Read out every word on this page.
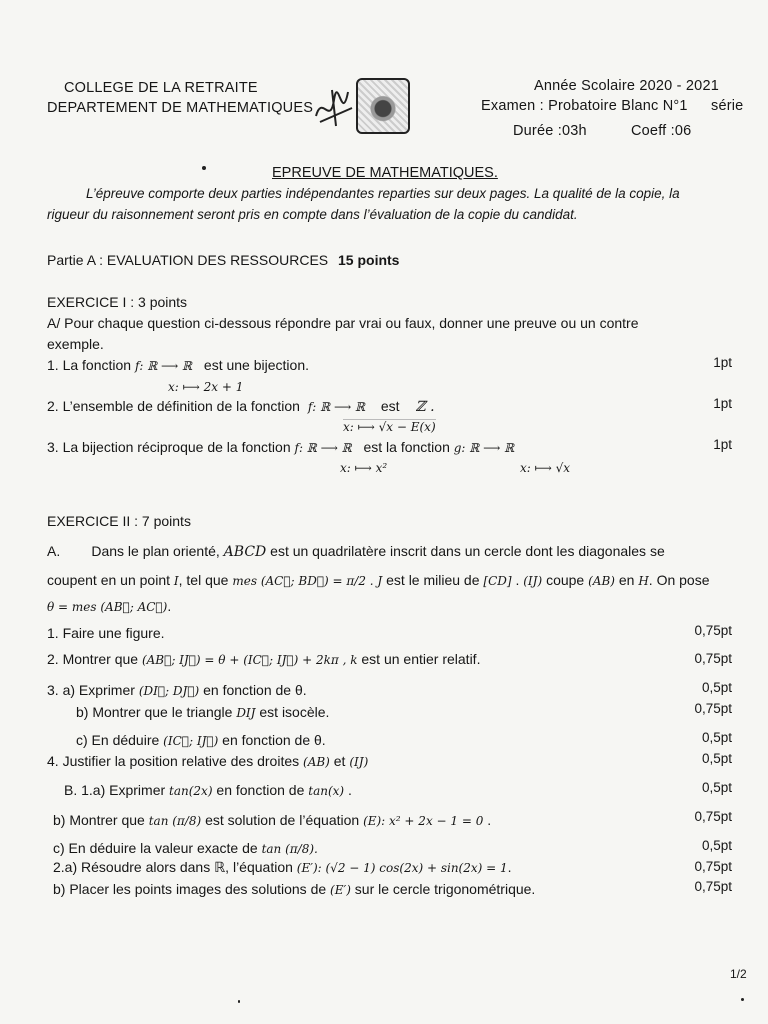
COLLEGE DE LA RETRAITE
DEPARTEMENT DE MATHEMATIQUES
Année Scolaire 2020 - 2021
Examen : Probatoire Blanc N°1 série
Durée :03h	Coeff :06
EPREUVE DE MATHEMATIQUES.
L’épreuve comporte deux parties indépendantes reparties sur deux pages. La qualité de la copie, la
rigueur du raisonnement seront pris en compte dans l’évaluation de la copie du candidat.
Partie A : EVALUATION DES RESSOURCES 15 points
EXERCICE I : 3 points
A/ Pour chaque question ci-dessous répondre par vrai ou faux, donner une preuve ou un contre
exemple.
1. La fonction f: ℝ ⟶ ℝ est une bijection.
x: ⟼ 2x + 1
1pt
2. L’ensemble de définition de la fonction f: ℝ ⟶ ℝ est ℤ .
x: ⟼ √x − E(x)
1pt
3. La bijection réciproque de la fonction f: ℝ ⟶ ℝ est la fonction g: ℝ ⟶ ℝ
x: ⟼ x²	x: ⟼ √x
1pt
EXERCICE II : 7 points
A.        Dans le plan orienté, ABCD est un quadrilatère inscrit dans un cercle dont les diagonales se
coupent en un point I, tel que mes (AC⃗; BD⃗) = π/2 . J est le milieu de [CD] . (IJ) coupe (AB) en H. On pose
θ = mes (AB⃗; AC⃗).
1. Faire une figure.	0,75pt
2. Montrer que (AB⃗; IJ⃗) = θ + (IC⃗; IJ⃗) + 2kπ , k est un entier relatif.	0,75pt
3. a) Exprimer (DI⃗; DJ⃗) en fonction de θ.	0,5pt
b) Montrer que le triangle DIJ est isocèle.	0,75pt
c) En déduire (IC⃗; IJ⃗) en fonction de θ.	0,5pt
4. Justifier la position relative des droites (AB) et (IJ)	0,5pt
B. 1.a) Exprimer tan(2x) en fonction de tan(x) .	0,5pt
b) Montrer que tan (π/8) est solution de l’équation (E): x² + 2x − 1 = 0 .	0,75pt
c) En déduire la valeur exacte de tan (π/8).	0,5pt
2.a) Résoudre alors dans ℝ, l’équation (E′): (√2 − 1) cos(2x) + sin(2x) = 1.	0,75pt
b) Placer les points images des solutions de (E′) sur le cercle trigonométrique.	0,75pt
1/2
